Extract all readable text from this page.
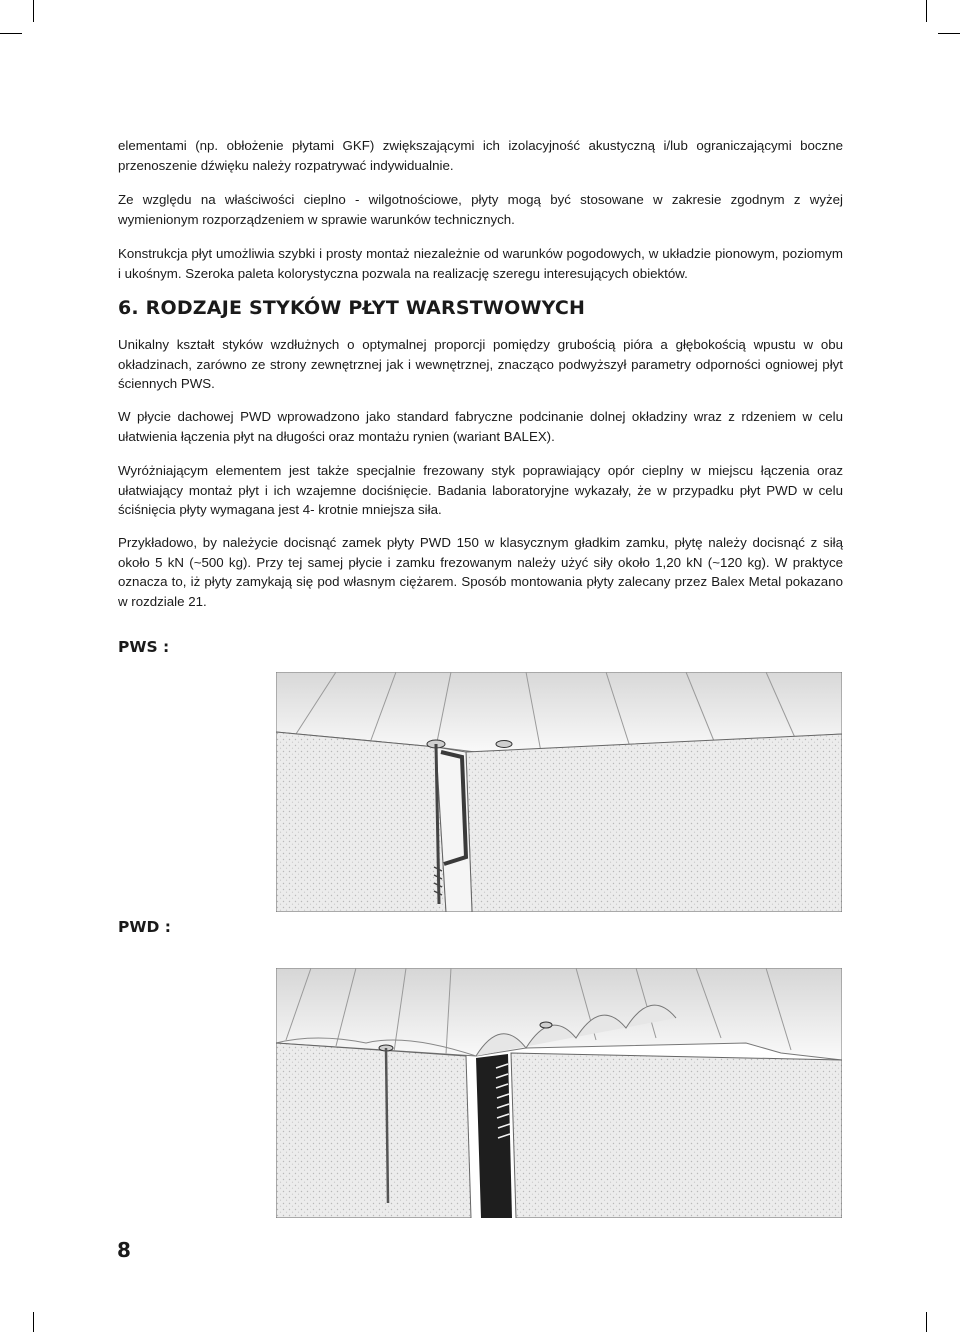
elementami (np. obłożenie płytami GKF) zwiększającymi ich izolacyjność akustyczną i/lub ograniczającymi boczne przenoszenie dźwięku należy rozpatrywać indywidualnie.

Ze względu na właściwości cieplno - wilgotnościowe, płyty mogą być stosowane w zakresie zgodnym z wyżej wymienionym rozporządzeniem w sprawie warunków technicznych.

Konstrukcja płyt umożliwia szybki i prosty montaż niezależnie od warunków pogodowych, w układzie pionowym, poziomym i ukośnym. Szeroka paleta kolorystyczna pozwala na realizację szeregu interesujących obiektów.

6. RODZAJE STYKÓW PŁYT WARSTWOWYCH

Unikalny kształt styków wzdłużnych o optymalnej proporcji pomiędzy grubością pióra a głębokością wpustu w obu okładzinach, zarówno ze strony zewnętrznej jak i wewnętrznej, znacząco podwyższył parametry odporności ogniowej płyt ściennych PWS.

W płycie dachowej PWD wprowadzono jako standard fabryczne podcinanie dolnej okładziny wraz z rdzeniem w celu ułatwienia łączenia płyt na długości oraz montażu rynien (wariant BALEX).

Wyróżniającym elementem jest także specjalnie frezowany styk poprawiający opór cieplny w miejscu łączenia oraz ułatwiający montaż płyt i ich wzajemne dociśnięcie. Badania laboratoryjne wykazały, że w przypadku płyt PWD w celu ściśnięcia płyty wymagana jest 4- krotnie mniejsza siła.

Przykładowo, by należycie docisnąć zamek płyty PWD 150 w klasycznym gładkim zamku, płytę należy docisnąć z siłą około 5 kN (~500 kg). Przy tej samej płycie i zamku frezowanym należy użyć siły około 1,20 kN (~120 kg). W praktyce oznacza to, iż płyty zamykają się pod własnym ciężarem. Sposób montowania płyty zalecany przez Balex Metal pokazano w rozdziale 21.

PWS :

PWD :

8
